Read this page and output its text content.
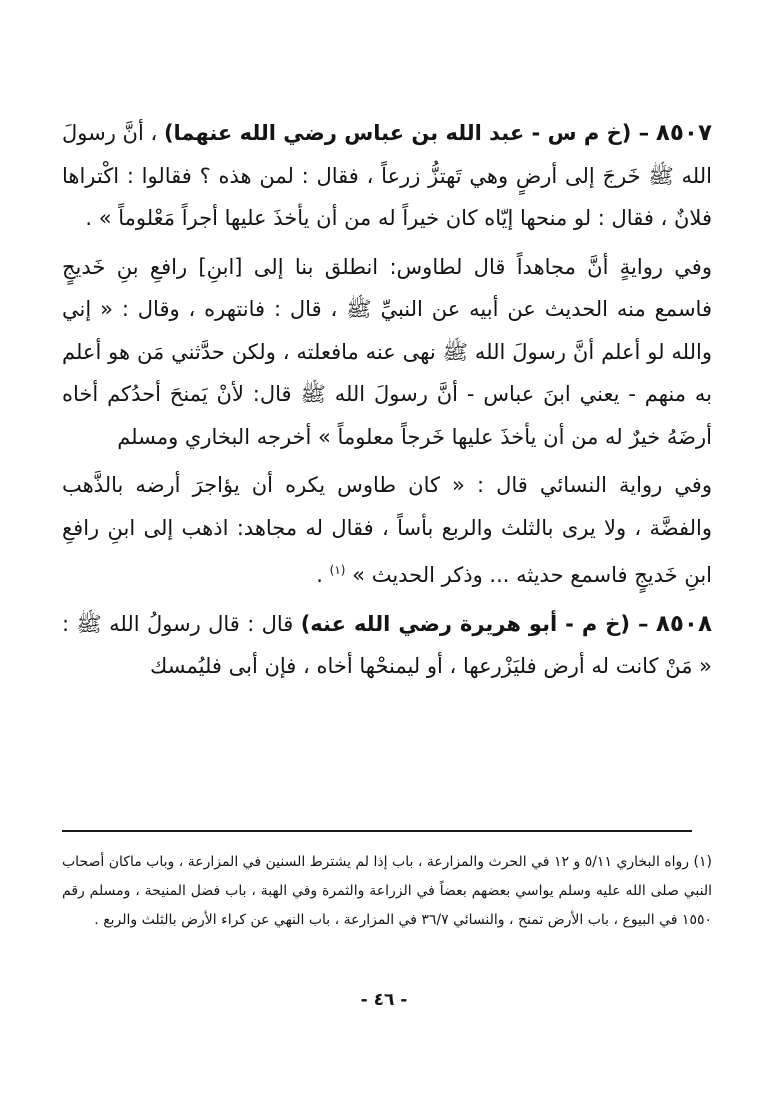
٨٥٠٧ – (خ م س - عبد الله بن عباس رضي الله عنهما) ، أنَّ رسولَ الله ﷺ خَرجَ إلى أرضٍ وهي تَهتزُّ زرعاً ، فقال : لمن هذه ؟ فقالوا : اكْتراها فلانٌ ، فقال : لو منحها إيّاه كان خيراً له من أن يأخذَ عليها أجراً مَعْلوماً » .

وفي روايةٍ أنَّ مجاهداً قال لطاوس: انطلق بنا إلى [ابنِ] رافعِ بنِ خَديجٍ فاسمع منه الحديث عن أبيه عن النبيِّ ﷺ ، قال : فانتهره ، وقال : « إني والله لو أعلم أنَّ رسولَ الله ﷺ نهى عنه مافعلته ، ولكن حدَّثني مَن هو أعلم به منهم - يعني ابنَ عباس - أنَّ رسولَ الله ﷺ قال: لأنْ يَمنحَ أحدُكم أخاه أرضَهُ خيرٌ له من أن يأخذَ عليها خَرجاً معلوماً » أخرجه البخاري ومسلم

وفي رواية النسائي قال : « كان طاوس يكره أن يؤاجرَ أرضه بالذَّهب والفضَّة ، ولا يرى بالثلث والربع بأساً ، فقال له مجاهد: اذهب إلى ابنِ رافعِ ابنِ خَديجٍ فاسمع حديثه ... وذكر الحديث » $^{(١)}$ .

٨٥٠٨ – (خ م - أبو هريرة رضي الله عنه) قال : قال رسولُ الله ﷺ : « مَنْ كانت له أرض فليَزْرعها ، أو ليمنحْها أخاه ، فإن أبى فليُمسك

(١) رواه البخاري ٥/١١ و ١٢ في الحرث والمزارعة ، باب إذا لم يشترط السنين في المزارعة ، وباب ماكان أصحاب النبي صلى الله عليه وسلم يواسي بعضهم بعضاً في الزراعة والثمرة وفي الهبة ، باب فضل المنيحة ، ومسلم رقم ١٥٥٠ في البيوع ، باب الأرض تمنح ، والنسائي ٣٦/٧ في المزارعة ، باب النهي عن كراء الأرض بالثلث والربع .

- ٤٦ -
